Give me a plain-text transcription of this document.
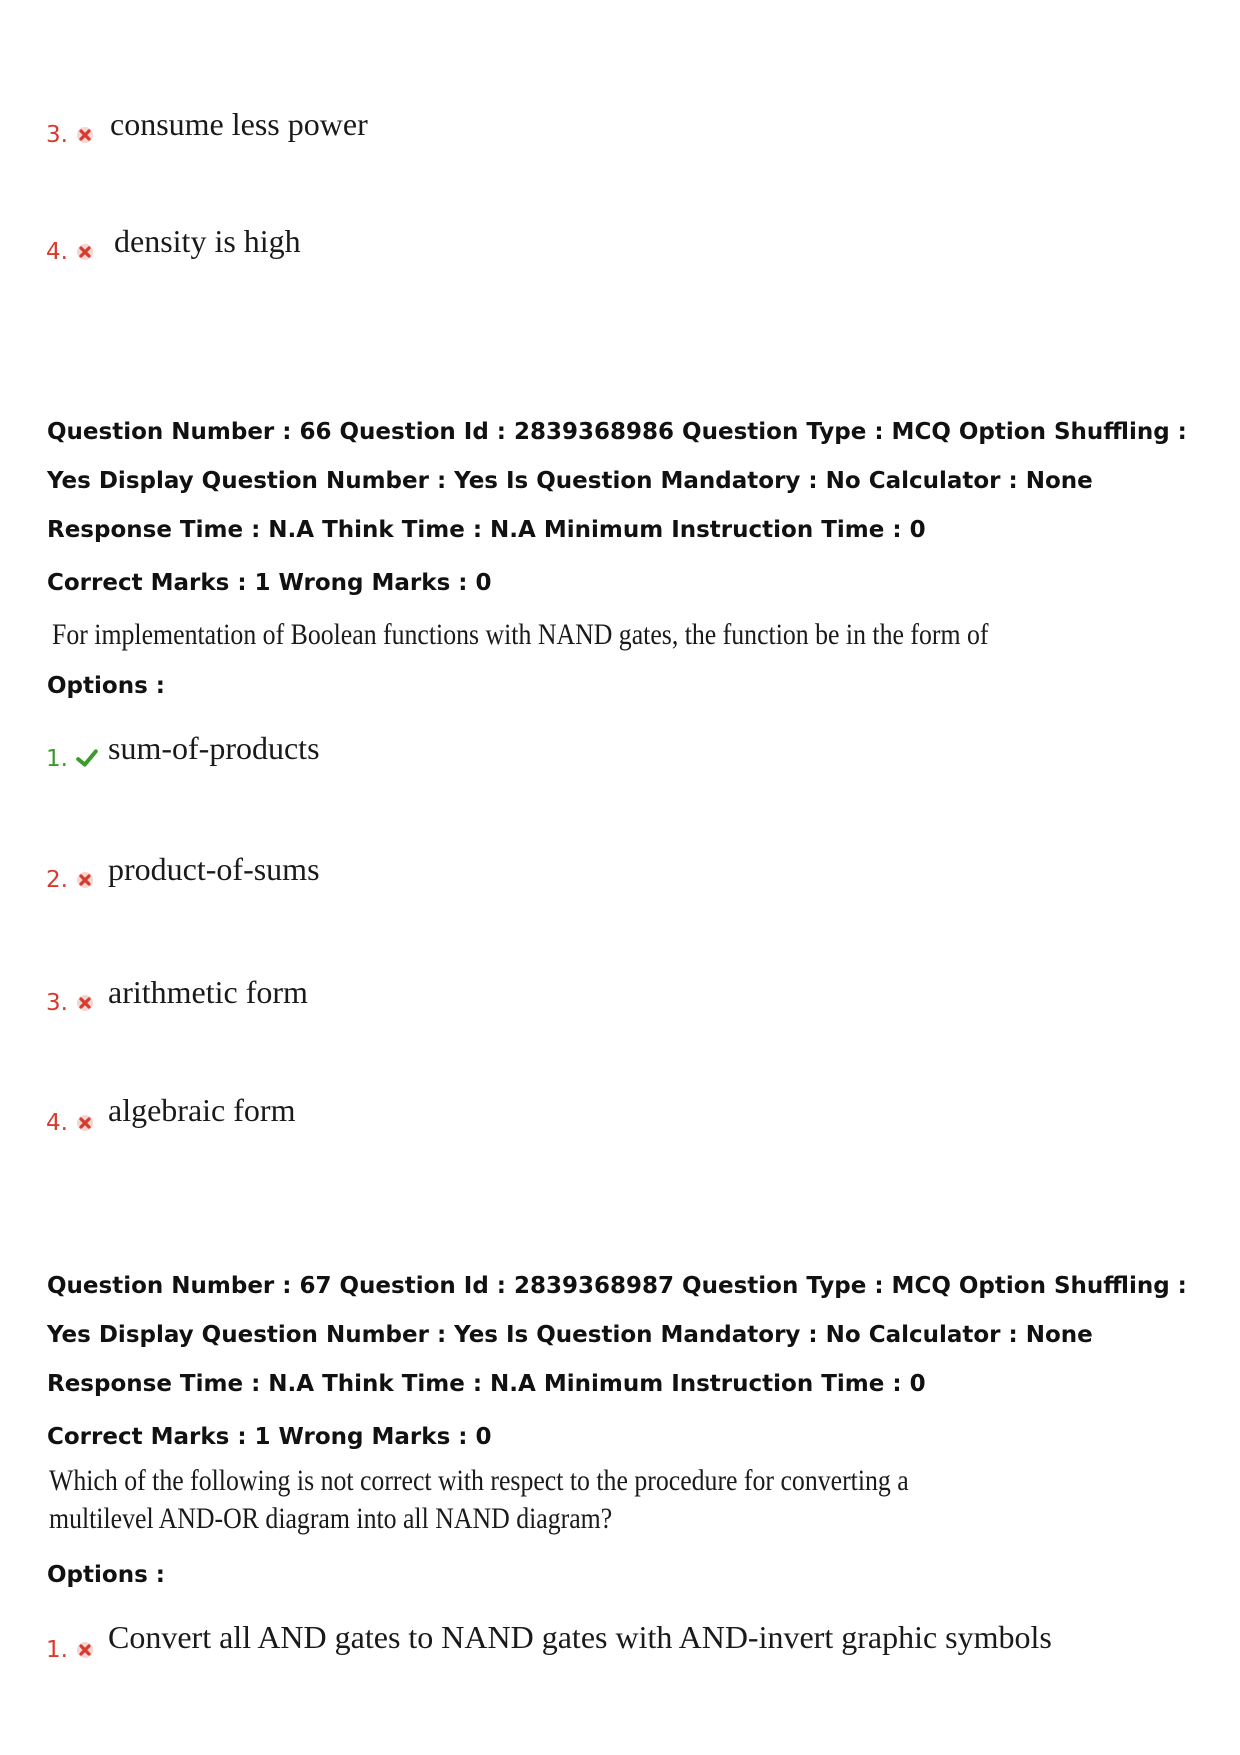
3. consume less power
4. density is high

Question Number : 66 Question Id : 2839368986 Question Type : MCQ Option Shuffling : Yes Display Question Number : Yes Is Question Mandatory : No Calculator : None Response Time : N.A Think Time : N.A Minimum Instruction Time : 0

Correct Marks : 1 Wrong Marks : 0
For implementation of Boolean functions with NAND gates, the function be in the form of
Options :
1. sum-of-products
2. product-of-sums
3. arithmetic form
4. algebraic form

Question Number : 67 Question Id : 2839368987 Question Type : MCQ Option Shuffling : Yes Display Question Number : Yes Is Question Mandatory : No Calculator : None Response Time : N.A Think Time : N.A Minimum Instruction Time : 0

Correct Marks : 1 Wrong Marks : 0
Which of the following is not correct with respect to the procedure for converting a
multilevel AND-OR diagram into all NAND diagram?
Options :
1. Convert all AND gates to NAND gates with AND-invert graphic symbols
